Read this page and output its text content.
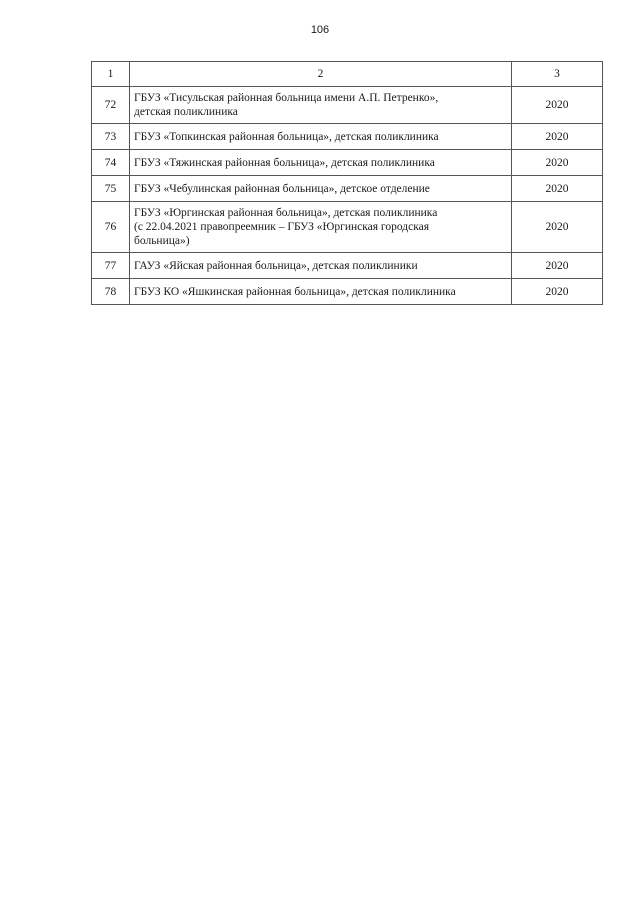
106
1	2	3
72	ГБУЗ «Тисульская районная больница имени А.П. Петренко»,
детская поликлиника	2020
73	ГБУЗ «Топкинская районная больница», детская поликлиника	2020
74	ГБУЗ «Тяжинская районная больница», детская поликлиника	2020
75	ГБУЗ «Чебулинская районная больница», детское отделение	2020
76	ГБУЗ «Юргинская районная больница», детская поликлиника
(с 22.04.2021 правопреемник – ГБУЗ «Юргинская городская
больница»)	2020
77	ГАУЗ «Яйская районная больница», детская поликлиники	2020
78	ГБУЗ КО «Яшкинская районная больница», детская поликлиника	2020
